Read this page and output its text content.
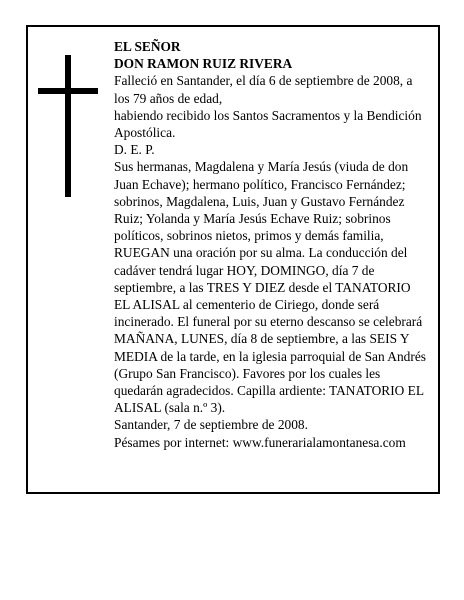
EL SEÑOR

DON RAMON RUIZ RIVERA

Falleció en Santander, el día 6 de septiembre de 2008, a los 79 años de edad,

habiendo recibido los Santos Sacramentos y la Bendición Apostólica.

D. E. P.

Sus hermanas, Magdalena y María Jesús (viuda de don Juan Echave); hermano político, Francisco Fernández; sobrinos, Magdalena, Luis, Juan y Gustavo Fernández Ruiz; Yolanda y María Jesús Echave Ruiz; sobrinos políticos, sobrinos nietos, primos y demás familia,

RUEGAN una oración por su alma. La conducción del cadáver tendrá lugar HOY, DOMINGO, día 7 de septiembre, a las TRES Y DIEZ desde el TANATORIO EL ALISAL al cementerio de Ciriego, donde será incinerado. El funeral por su eterno descanso se celebrará MAÑANA, LUNES, día 8 de septiembre, a las SEIS Y MEDIA de la tarde, en la iglesia parroquial de San Andrés (Grupo San Francisco). Favores por los cuales les quedarán agradecidos. Capilla ardiente: TANATORIO EL ALISAL (sala n.º 3).

Santander, 7 de septiembre de 2008.

Pésames por internet: www.funerarialamontanesa.com
